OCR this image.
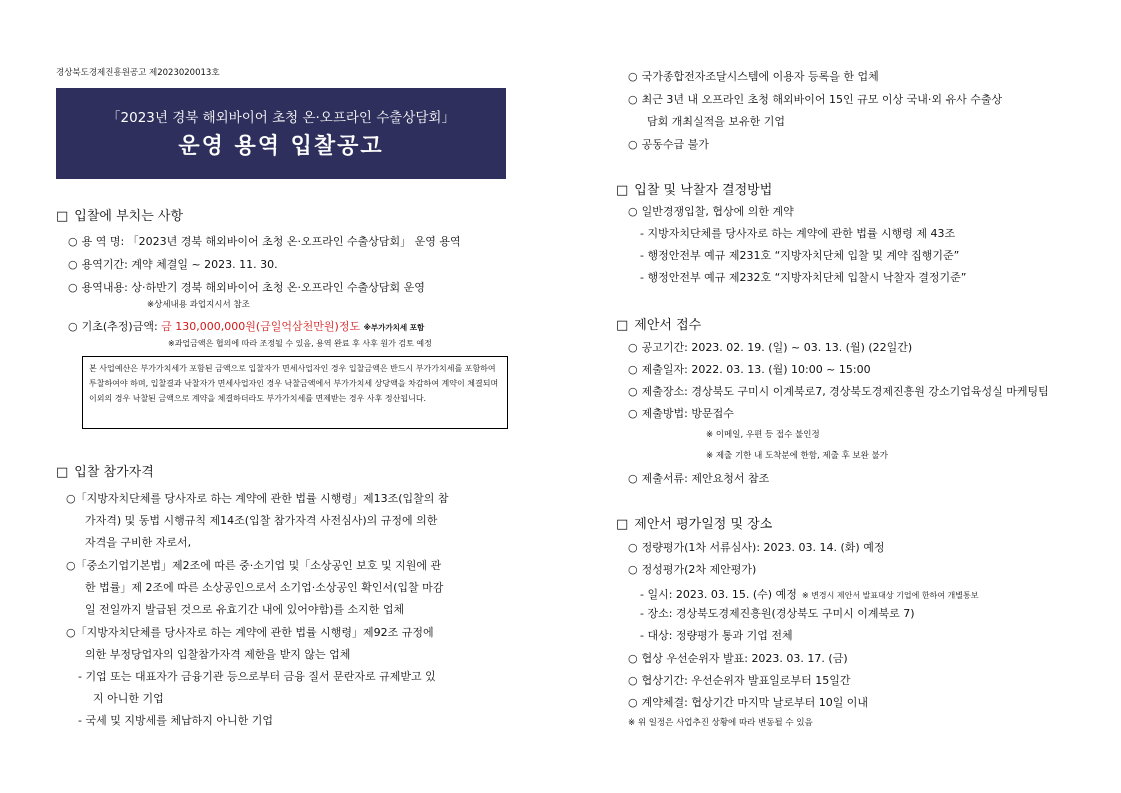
경상북도경제진흥원공고 제2023020013호
「2023년 경북 해외바이어 초청 온·오프라인 수출상담회」
운영 용역 입찰공고
□ 입찰에 부치는 사항
○ 용 역 명: 「2023년 경북 해외바이어 초청 온·오프라인 수출상담회」 운영 용역
○ 용역기간: 계약 체결일 ~ 2023. 11. 30.
○ 용역내용: 상·하반기 경북 해외바이어 초청 온·오프라인 수출상담회 운영
※상세내용 과업지시서 참조
○ 기초(추정)금액: 금 130,000,000원(금일억삼천만원)정도 ※부가가치세 포함
※과업금액은 협의에 따라 조정될 수 있음, 용역 완료 후 사후 원가 검토 예정
본 사업예산은 부가가치세가 포함된 금액으로 입찰자가 면세사업자인 경우 입찰금액은 반드시 부가가치세를 포함하여 투찰하여야 하며, 입찰결과 낙찰자가 면세사업자인 경우 낙찰금액에서 부가가치세 상당액을 차감하여 계약이 체결되며 이외의 경우 낙찰된 금액으로 계약을 체결하더라도 부가가치세를 면제받는 경우 사후 정산됩니다.
□ 입찰 참가자격
○「지방자치단체를 당사자로 하는 계약에 관한 법률 시행령」제13조(입찰의 참
가자격) 및 동법 시행규칙 제14조(입찰 참가자격 사전심사)의 규정에 의한
자격을 구비한 자로서,
○「중소기업기본법」제2조에 따른 중·소기업 및「소상공인 보호 및 지원에 관
한 법률」제 2조에 따른 소상공인으로서 소기업·소상공인 확인서(입찰 마감
일 전일까지 발급된 것으로 유효기간 내에 있어야함)를 소지한 업체
○「지방자치단체를 당사자로 하는 계약에 관한 법률 시행령」제92조 규정에
의한 부정당업자의 입찰참가자격 제한을 받지 않는 업체
- 기업 또는 대표자가 금융기관 등으로부터 금융 질서 문란자로 규제받고 있
지 아니한 기업
- 국세 및 지방세를 체납하지 아니한 기업
○ 국가종합전자조달시스템에 이용자 등록을 한 업체
○ 최근 3년 내 오프라인 초청 해외바이어 15인 규모 이상 국내·외 유사 수출상
담회 개최실적을 보유한 기업
○ 공동수급 불가
□ 입찰 및 낙찰자 결정방법
○ 일반경쟁입찰, 협상에 의한 계약
- 지방자치단체를 당사자로 하는 계약에 관한 법률 시행령 제 43조
- 행정안전부 예규 제231호 “지방자치단체 입찰 및 계약 집행기준”
- 행정안전부 예규 제232호 “지방자치단체 입찰시 낙찰자 결정기준”
□ 제안서 접수
○ 공고기간: 2023. 02. 19. (일) ~ 03. 13. (월) (22일간)
○ 제출일자: 2022. 03. 13. (월) 10:00 ~ 15:00
○ 제출장소: 경상북도 구미시 이계북로7, 경상북도경제진흥원 강소기업육성실 마케팅팀
○ 제출방법: 방문접수
※ 이메일, 우편 등 접수 불인정
※ 제출 기한 내 도착분에 한함, 제출 후 보완 불가
○ 제출서류: 제안요청서 참조
□ 제안서 평가일정 및 장소
○ 정량평가(1차 서류심사): 2023. 03. 14. (화) 예정
○ 정성평가(2차 제안평가)
- 일시: 2023. 03. 15. (수) 예정 ※ 변경시 제안서 발표대상 기업에 한하여 개별통보
- 장소: 경상북도경제진흥원(경상북도 구미시 이계북로 7)
- 대상: 정량평가 통과 기업 전체
○ 협상 우선순위자 발표: 2023. 03. 17. (금)
○ 협상기간: 우선순위자 발표일로부터 15일간
○ 계약체결: 협상기간 마지막 날로부터 10일 이내
※ 위 일정은 사업추진 상황에 따라 변동될 수 있음
